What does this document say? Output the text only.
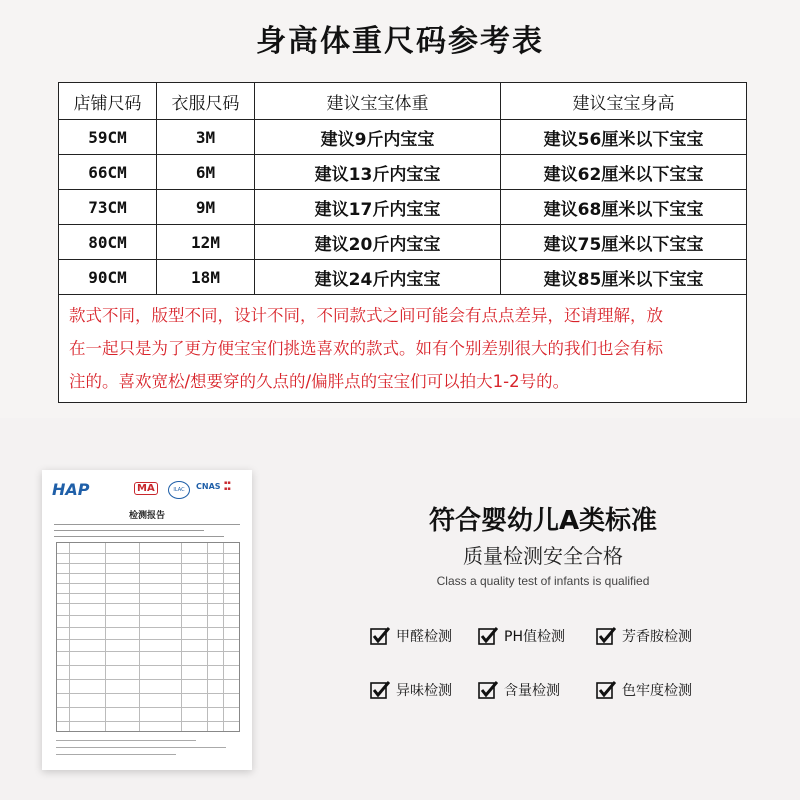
身高体重尺码参考表
店铺尺码	衣服尺码	建议宝宝体重	建议宝宝身高
59CM	3M	建议9斤内宝宝	建议56厘米以下宝宝
66CM	6M	建议13斤内宝宝	建议62厘米以下宝宝
73CM	9M	建议17斤内宝宝	建议68厘米以下宝宝
80CM	12M	建议20斤内宝宝	建议75厘米以下宝宝
90CM	18M	建议24斤内宝宝	建议85厘米以下宝宝

款式不同，版型不同，设计不同，不同款式之间可能会有点点差异，还请理解，放
在一起只是为了更方便宝宝们挑选喜欢的款式。如有个别差别很大的我们也会有标
注的。喜欢宽松/想要穿的久点的/偏胖点的宝宝们可以拍大1-2号的。			
HAP	MA	ILAC	CNAS ▪▪
▪▪
检测报告	符合婴幼儿A类标准
质量检测安全合格
Class a quality test of infants is qualified
甲醛检测	PH值检测	芳香胺检测
异味检测	含量检测	色牢度检测
